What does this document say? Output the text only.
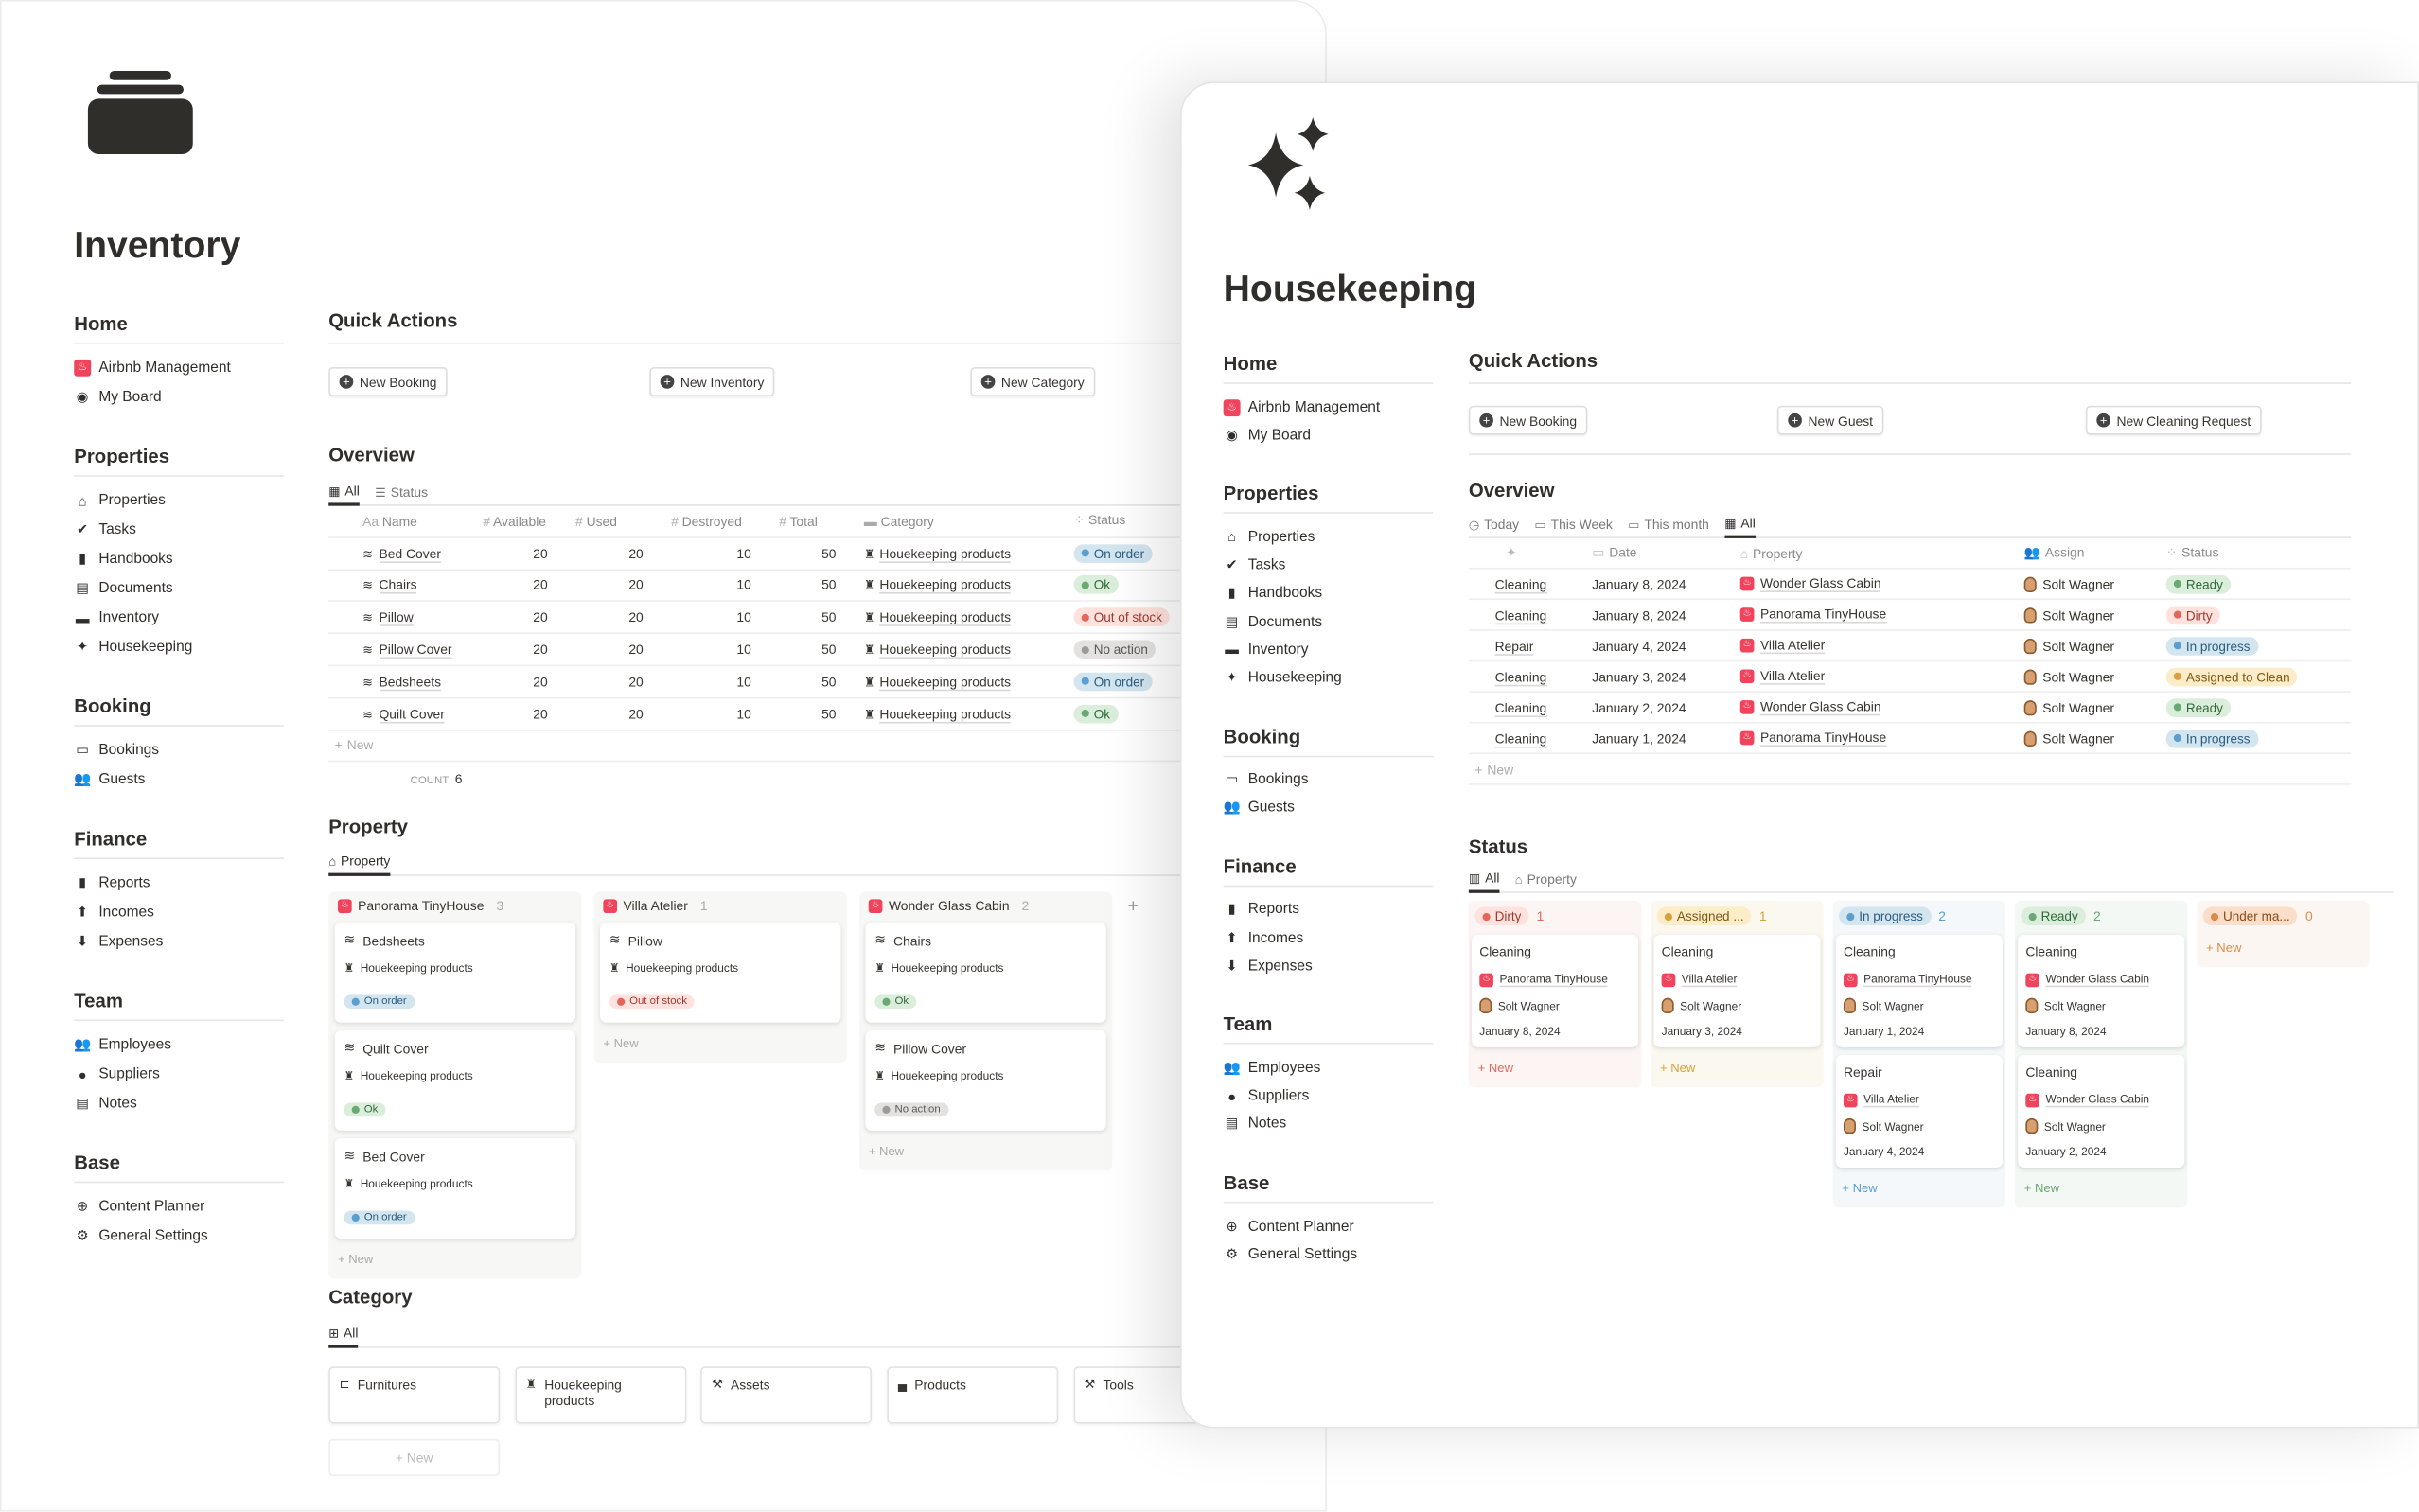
Inventory
Home
♨	Airbnb Management
◉ My Board
Properties
⌂	Properties
✔ Tasks
▮	Handbooks
▤ Documents
▬ Inventory
✦ Housekeeping
Booking
▭ Bookings
👥 Guests
Finance
▮	Reports
⬆ Incomes
⬇ Expenses
Team
👥 Employees
●	Suppliers
▤ Notes
Base
⊕ Content Planner
⚙ General Settings
Quick Actions
Overview
▦ All ☰ Status
Aa Name	# Available	# Used	# Destroyed	# Total	▬ Category	⁘ Status
≋ Bed Cover	20	20	10	50	♜ Houekeeping products	On order
≋ Chairs	20	20	10	50	♜ Houekeeping products	Ok
≋ Pillow	20	20	10	50	♜ Houekeeping products	Out of stock
≋ Pillow Cover	20	20	10	50	♜ Houekeeping products	No action
≋ Bedsheets	20	20	10	50	♜ Houekeeping products	On order
≋ Quilt Cover	20	20	10	50	♜ Houekeeping products	Ok
+ New
COUNT 6
Property
⌂ Property
♨	Panorama TinyHouse 3
≋ Bedsheets
♜ Houekeeping products
On order
≋ Quilt Cover
♜ Houekeeping products
Ok
≋ Bed Cover
♜ Houekeeping products
On order
+ New
♨	Villa Atelier 1
≋ Pillow
♜ Houekeeping products
Out of stock
+ New
♨	Wonder Glass Cabin 2
≋ Chairs
♜ Houekeeping products
Ok
≋ Pillow Cover
♜ Houekeeping products
No action
+ New
+
Category
⊞ All
+	New Booking	+	New Inventory	+	New Category
⊏ Furnitures	♜ Houekeeping products
⚒ Assets	▄ Products	⚒ Tools
+ New
Housekeeping
Home
♨	Airbnb Management
◉ My Board
Properties
⌂	Properties
✔ Tasks
▮	Handbooks
▤ Documents
▬ Inventory
✦ Housekeeping
Booking
▭ Bookings
👥 Guests
Finance
▮	Reports
⬆ Incomes
⬇ Expenses
Team
👥 Employees
●	Suppliers
▤ Notes
Base
⊕ Content Planner
⚙ General Settings
Quick Actions
Overview
◷ Today ▭ This Week ▭ This month ▦ All
✦	▭ Date	⌂ Property	👥 Assign	⁘ Status
Cleaning	January 8, 2024	♨	Wonder Glass Cabin	Solt Wagner	Ready
Cleaning	January 8, 2024	♨	Panorama TinyHouse	Solt Wagner	Dirty
Repair	January 4, 2024	♨	Villa Atelier	Solt Wagner	In progress
Cleaning	January 3, 2024	♨	Villa Atelier	Solt Wagner	Assigned to Clean
Cleaning	January 2, 2024	♨	Wonder Glass Cabin	Solt Wagner	Ready
Cleaning	January 1, 2024	♨	Panorama TinyHouse	Solt Wagner	In progress
+ New
Status
▥ All ⌂ Property
Dirty 1
Cleaning
♨	Panorama TinyHouse
Solt Wagner
January 8, 2024
+ New
Assigned ... 1
Cleaning
♨	Villa Atelier
Solt Wagner
January 3, 2024
+ New
In progress 2
Cleaning
♨	Panorama TinyHouse
Solt Wagner
January 1, 2024
Repair
♨	Villa Atelier
Solt Wagner
January 4, 2024
+ New
Ready 2
Cleaning
♨	Wonder Glass Cabin
Solt Wagner
January 8, 2024
Cleaning
♨	Wonder Glass Cabin
Solt Wagner
January 2, 2024
+ New
Under ma... 0
+ New
+	New Booking	+	New Guest	+	New Cleaning Request
